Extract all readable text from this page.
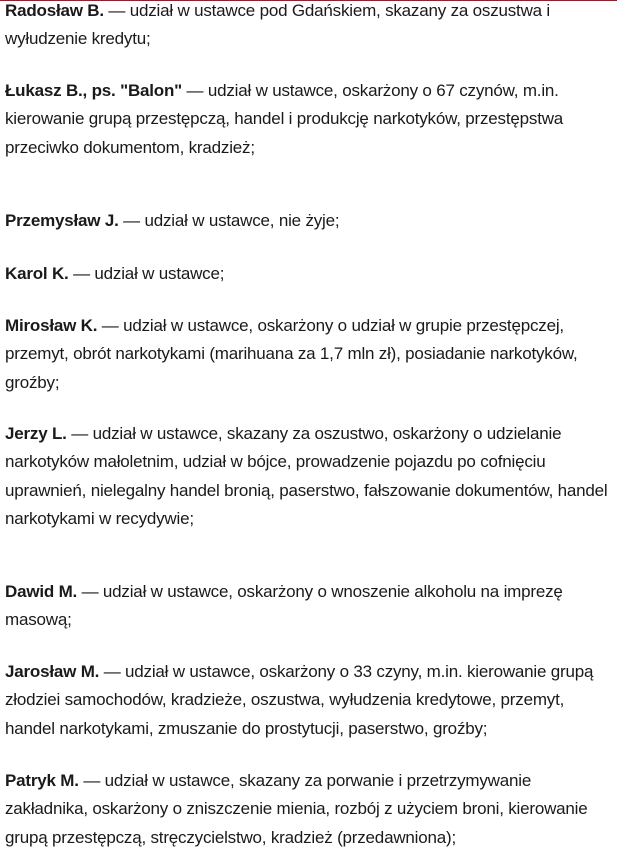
Radosław B. — udział w ustawce pod Gdańskiem, skazany za oszustwa i wyłudzenie kredytu;

Łukasz B., ps. "Balon" — udział w ustawce, oskarżony o 67 czynów, m.in. kierowanie grupą przestępczą, handel i produkcję narkotyków, przestępstwa przeciwko dokumentom, kradzież;

Przemysław J. — udział w ustawce, nie żyje;

Karol K. — udział w ustawce;

Mirosław K. — udział w ustawce, oskarżony o udział w grupie przestępczej, przemyt, obrót narkotykami (marihuana za 1,7 mln zł), posiadanie narkotyków, groźby;

Jerzy L. — udział w ustawce, skazany za oszustwo, oskarżony o udzielanie narkotyków małoletnim, udział w bójce, prowadzenie pojazdu po cofnięciu uprawnień, nielegalny handel bronią, paserstwo, fałszowanie dokumentów, handel narkotykami w recydywie;

Dawid M. — udział w ustawce, oskarżony o wnoszenie alkoholu na imprezę masową;

Jarosław M. — udział w ustawce, oskarżony o 33 czyny, m.in. kierowanie grupą złodziei samochodów, kradzieże, oszustwa, wyłudzenia kredytowe, przemyt, handel narkotykami, zmuszanie do prostytucji, paserstwo, groźby;

Patryk M. — udział w ustawce, skazany za porwanie i przetrzymywanie zakładnika, oskarżony o zniszczenie mienia, rozbój z użyciem broni, kierowanie grupą przestępczą, stręczycielstwo, kradzież (przedawniona);
